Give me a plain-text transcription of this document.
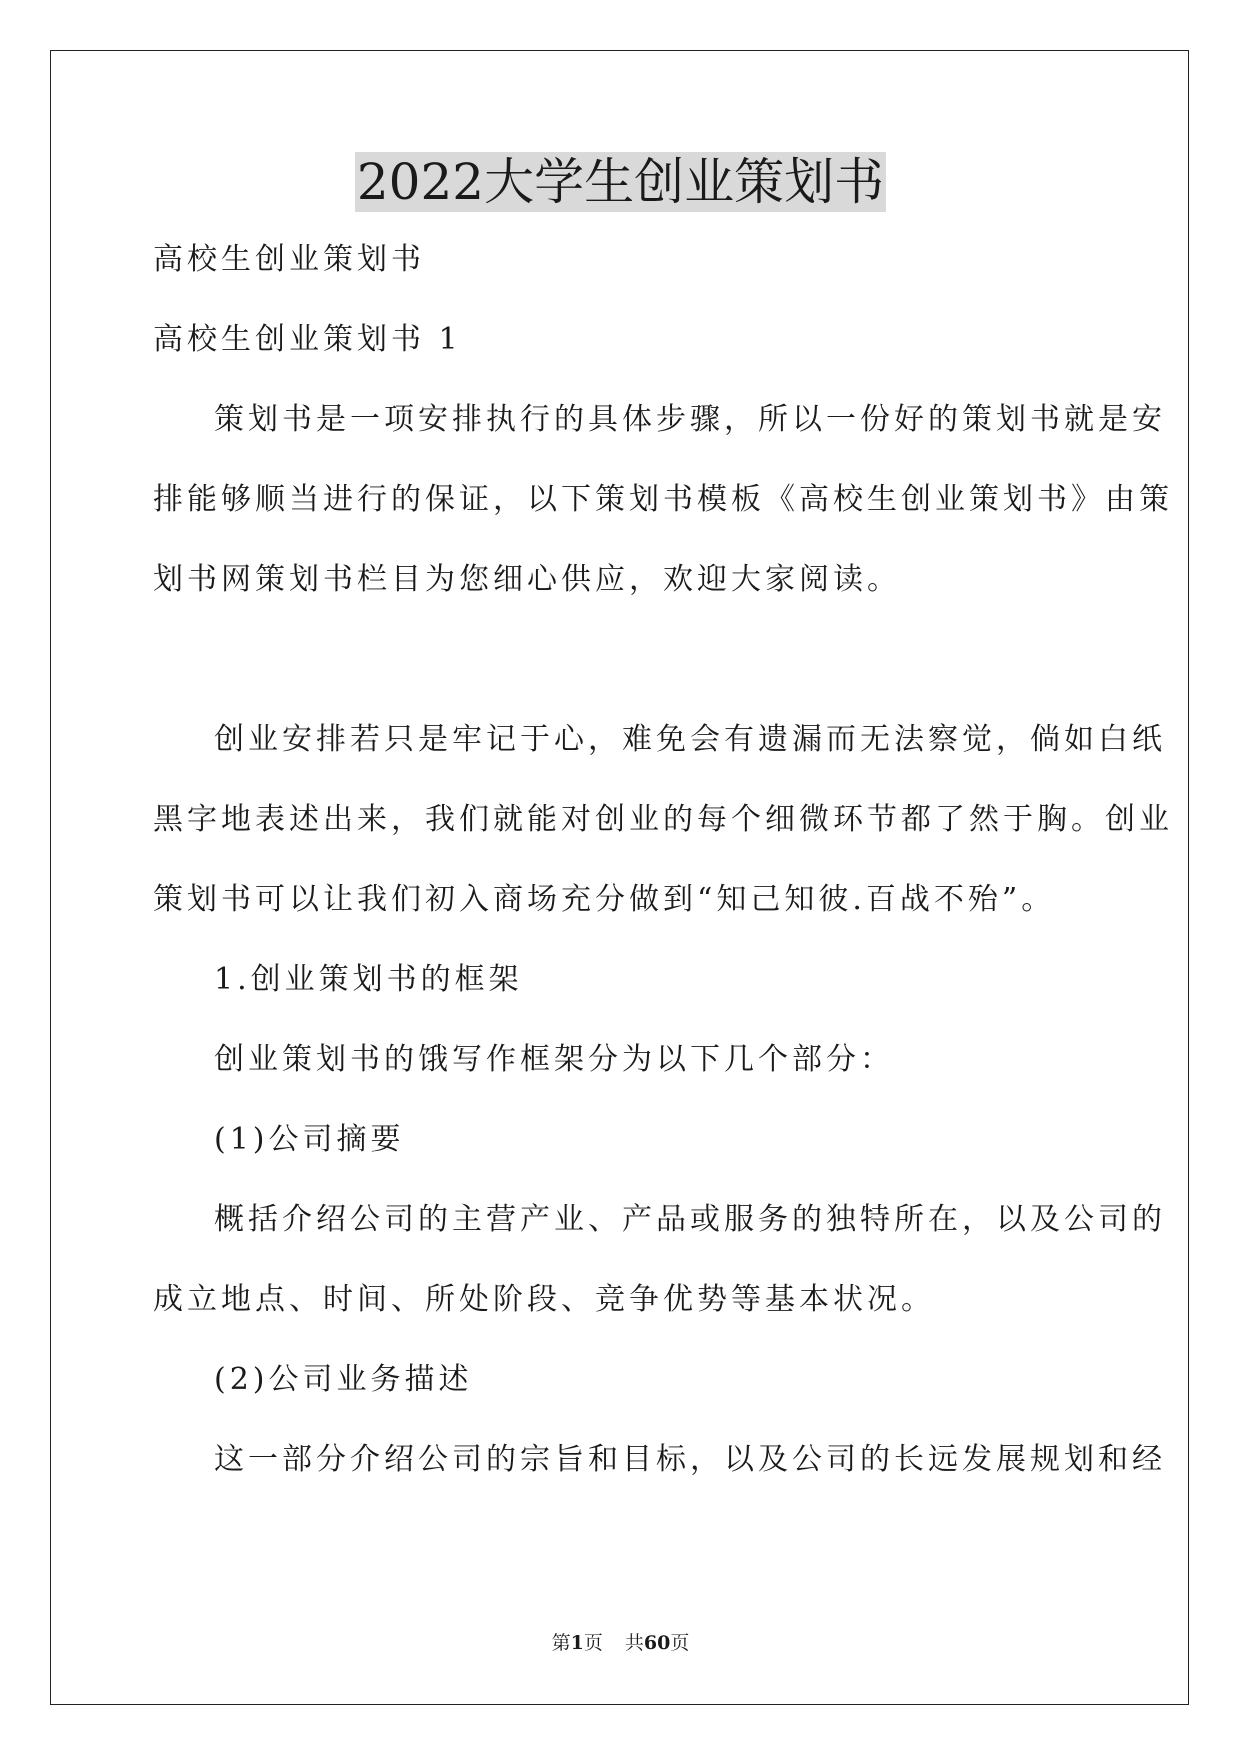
2022大学生创业策划书
高校生创业策划书
高校生创业策划书 1
策划书是一项安排执行的具体步骤，所以一份好的策划书就是安
排能够顺当进行的保证，以下策划书模板《高校生创业策划书》由策
划书网策划书栏目为您细心供应，欢迎大家阅读。
创业安排若只是牢记于心，难免会有遗漏而无法察觉，倘如白纸
黑字地表述出来，我们就能对创业的每个细微环节都了然于胸。创业
策划书可以让我们初入商场充分做到“知己知彼.百战不殆”。
1.创业策划书的框架
创业策划书的饿写作框架分为以下几个部分：
(1)公司摘要
概括介绍公司的主营产业、产品或服务的独特所在，以及公司的
成立地点、时间、所处阶段、竞争优势等基本状况。
(2)公司业务描述
这一部分介绍公司的宗旨和目标，以及公司的长远发展规划和经
第1页 共60页
